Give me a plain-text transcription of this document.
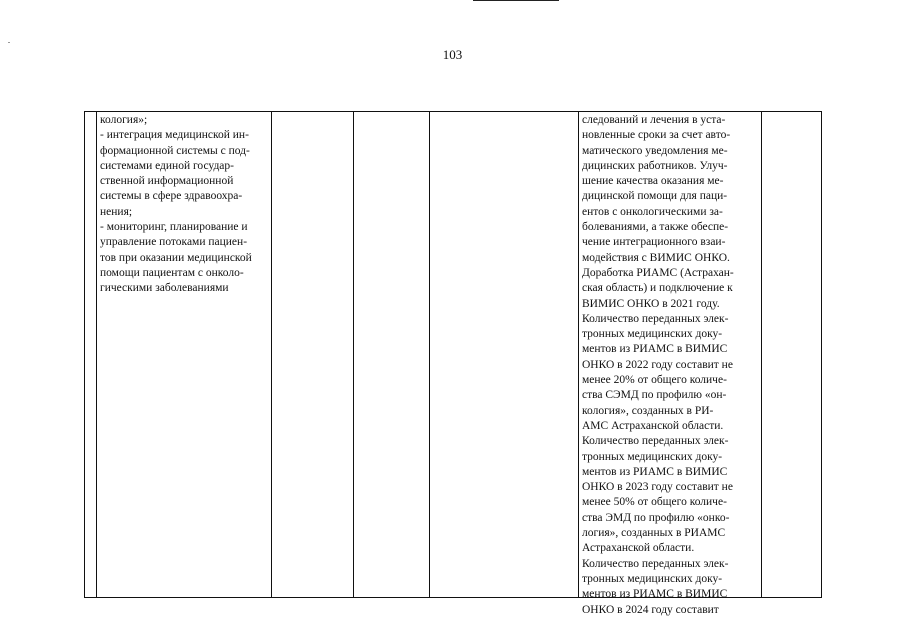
103
кология»;
- интеграция медицинской ин-
формационной системы с под-
системами единой государ-
ственной информационной
системы в сфере здравоохра-
нения;
- мониторинг, планирование и
управление потоками пациен-
тов при оказании медицинской
помощи пациентам с онколо-
гическими заболеваниями
следований и лечения в уста-
новленные сроки за счет авто-
матического уведомления ме-
дицинских работников. Улуч-
шение качества оказания ме-
дицинской помощи для паци-
ентов с онкологическими за-
болеваниями, а также обеспе-
чение интеграционного взаи-
модействия с ВИМИС ОНКО.
Доработка РИАМС (Астрахан-
ская область) и подключение к
ВИМИС ОНКО в 2021 году.
Количество переданных элек-
тронных медицинских доку-
ментов из РИАМС в ВИМИС
ОНКО в 2022 году составит не
менее 20% от общего количе-
ства СЭМД по профилю «он-
кология», созданных в РИ-
АМС Астраханской области.
Количество переданных элек-
тронных медицинских доку-
ментов из РИАМС в ВИМИС
ОНКО в 2023 году составит не
менее 50% от общего количе-
ства ЭМД по профилю «онко-
логия», созданных в РИАМС
Астраханской области.
Количество переданных элек-
тронных медицинских доку-
ментов из РИАМС в ВИМИС
ОНКО в 2024 году составит
